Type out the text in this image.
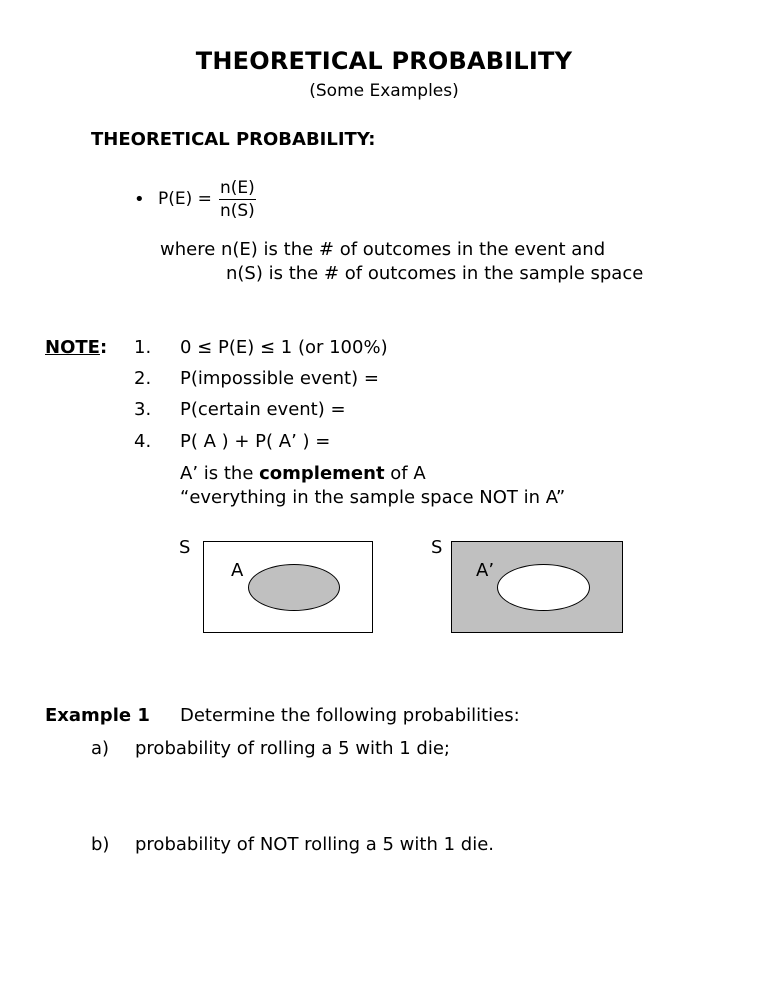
THEORETICAL PROBABILITY
(Some Examples)
THEORETICAL PROBABILITY:
• $P(E) = \frac{n(E)}{n(S)}$
where n(E) is the # of outcomes in the event and
n(S) is the # of outcomes in the sample space
NOTE: 1. 0 ≤ P(E) ≤ 1 (or 100%)
2. P(impossible event) =
3. P(certain event) =
4. P( A ) + P( A’ ) =
A’ is the complement of A
“everything in the sample space NOT in A”
S
A
S
A’
Example 1 Determine the following probabilities:
a) probability of rolling a 5 with 1 die;
b) probability of NOT rolling a 5 with 1 die.
